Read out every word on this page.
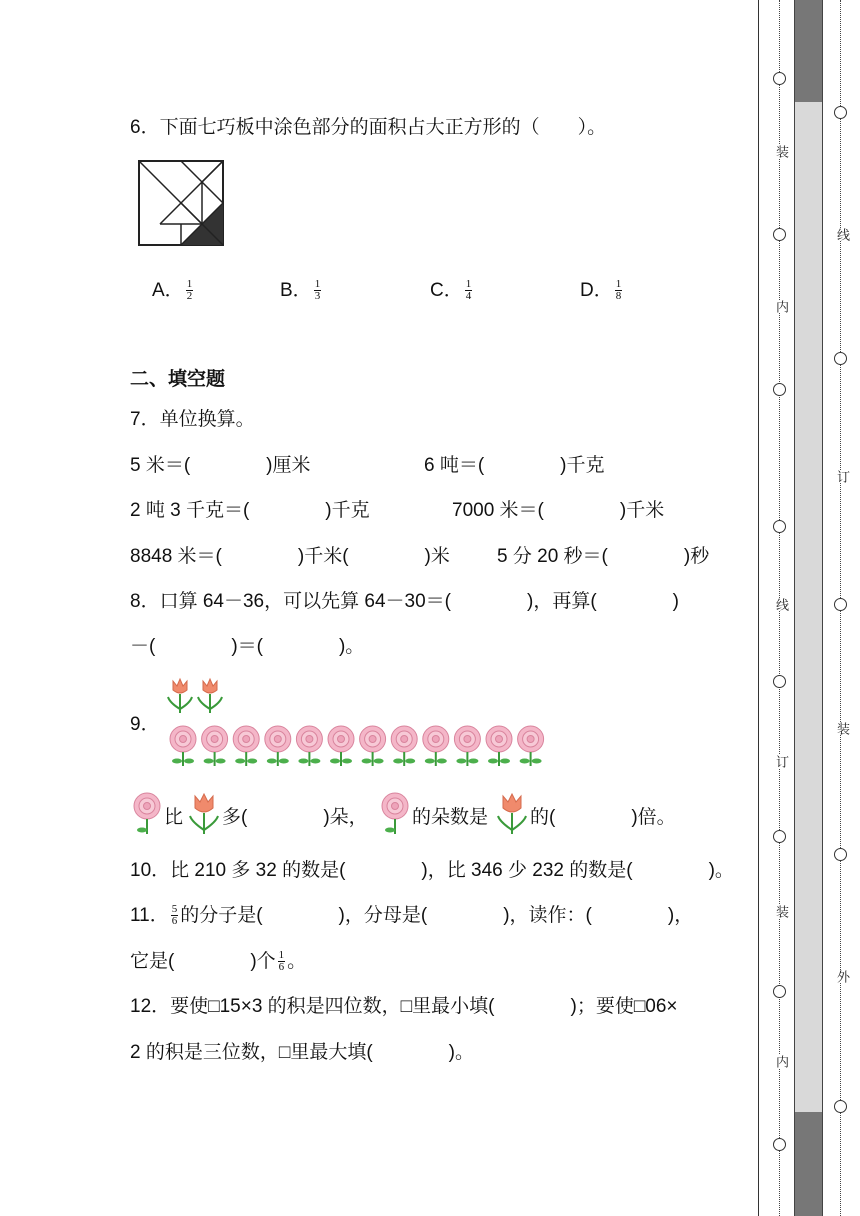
6．下面七巧板中涂色部分的面积占大正方形的（　　）。
A． $\frac{1}{2}$	B． $\frac{1}{3}$	C． $\frac{1}{4}$	D． $\frac{1}{8}$
二、填空题
7．单位换算。
5 米＝(　　　　)厘米	6 吨＝(　　　　)千克
2 吨 3 千克＝(　　　　)千克	7000 米＝(　　　　)千米
8848 米＝(　　　　)千米(　　　　)米 5 分 20 秒＝(　　　　)秒
8．口算 64－36，可以先算 64－30＝(　　　　)，再算(　　　　)
－(　　　　)＝(　　　　)。
9．
比 多(　　　　)朵， 的朵数是 的(　　　　)倍。
10．比 210 多 32 的数是(　　　　)，比 346 少 232 的数是(　　　　)。
11． $\frac{5}{6}$ 的分子是(　　　　)，分母是(　　　　)，读作：(　　　　)，
它是(　　　　)个 $\frac{1}{6}$ 。
12．要使□15×3 的积是四位数，□里最小填(　　　　)；要使□06×
2 的积是三位数，□里最大填(　　　　)。
装
内
线
订
装
内
线
订
装
外
